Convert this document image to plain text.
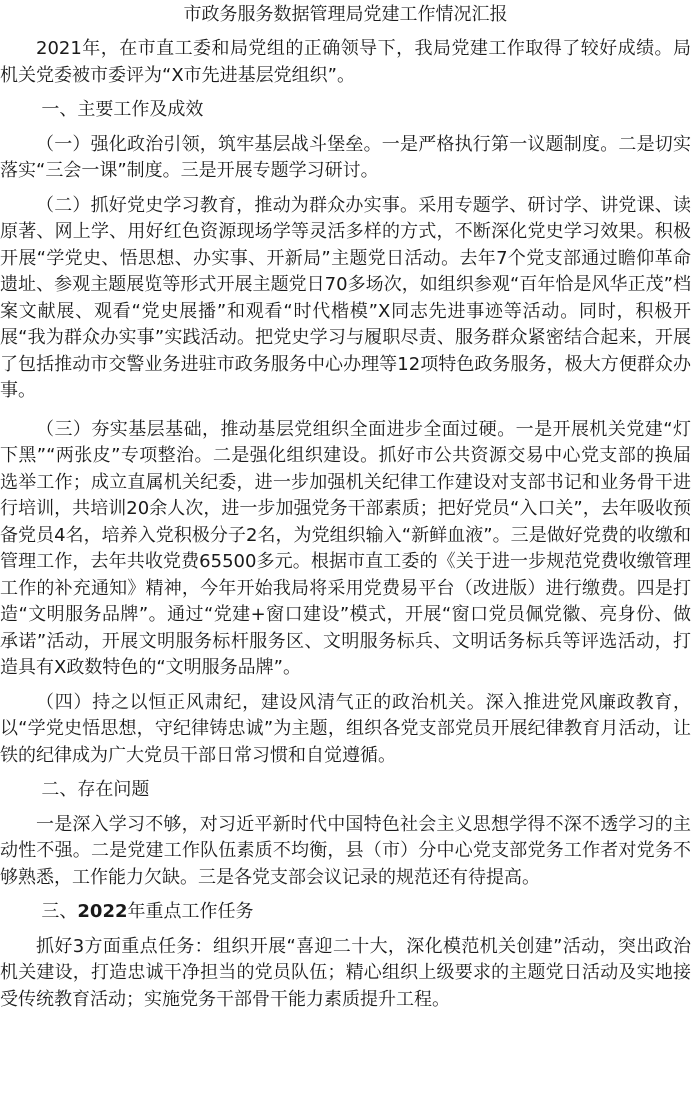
市政务服务数据管理局党建工作情况汇报

2021年，在市直工委和局党组的正确领导下，我局党建工作取得了较好成绩。局机关党委被市委评为“X市先进基层党组织”。

一、主要工作及成效

（一）强化政治引领，筑牢基层战斗堡垒。一是严格执行第一议题制度。二是切实落实“三会一课”制度。三是开展专题学习研讨。

（二）抓好党史学习教育，推动为群众办实事。采用专题学、研讨学、讲党课、读原著、网上学、用好红色资源现场学等灵活多样的方式，不断深化党史学习效果。积极开展“学党史、悟思想、办实事、开新局”主题党日活动。去年7个党支部通过瞻仰革命遗址、参观主题展览等形式开展主题党日70多场次，如组织参观“百年恰是风华正茂”档案文献展、观看“党史展播”和观看“时代楷模”X同志先进事迹等活动。同时，积极开展“我为群众办实事”实践活动。把党史学习与履职尽责、服务群众紧密结合起来，开展了包括推动市交警业务进驻市政务服务中心办理等12项特色政务服务，极大方便群众办事。

（三）夯实基层基础，推动基层党组织全面进步全面过硬。一是开展机关党建“灯下黑”“两张皮”专项整治。二是强化组织建设。抓好市公共资源交易中心党支部的换届选举工作；成立直属机关纪委，进一步加强机关纪律工作建设对支部书记和业务骨干进行培训，共培训20余人次，进一步加强党务干部素质；把好党员“入口关”，去年吸收预备党员4名，培养入党积极分子2名，为党组织输入“新鲜血液”。三是做好党费的收缴和管理工作，去年共收党费65500多元。根据市直工委的《关于进一步规范党费收缴管理工作的补充通知》精神，今年开始我局将采用党费易平台（改进版）进行缴费。四是打造“文明服务品牌”。通过“党建+窗口建设”模式，开展“窗口党员佩党徽、亮身份、做承诺”活动，开展文明服务标杆服务区、文明服务标兵、文明话务标兵等评选活动，打造具有X政数特色的“文明服务品牌”。

（四）持之以恒正风肃纪，建设风清气正的政治机关。深入推进党风廉政教育，以“学党史悟思想，守纪律铸忠诚”为主题，组织各党支部党员开展纪律教育月活动，让铁的纪律成为广大党员干部日常习惯和自觉遵循。

二、存在问题

一是深入学习不够，对习近平新时代中国特色社会主义思想学得不深不透学习的主动性不强。二是党建工作队伍素质不均衡，县（市）分中心党支部党务工作者对党务不够熟悉，工作能力欠缺。三是各党支部会议记录的规范还有待提高。

三、2022年重点工作任务

抓好3方面重点任务：组织开展“喜迎二十大，深化模范机关创建”活动，突出政治机关建设，打造忠诚干净担当的党员队伍；精心组织上级要求的主题党日活动及实地接受传统教育活动；实施党务干部骨干能力素质提升工程。
